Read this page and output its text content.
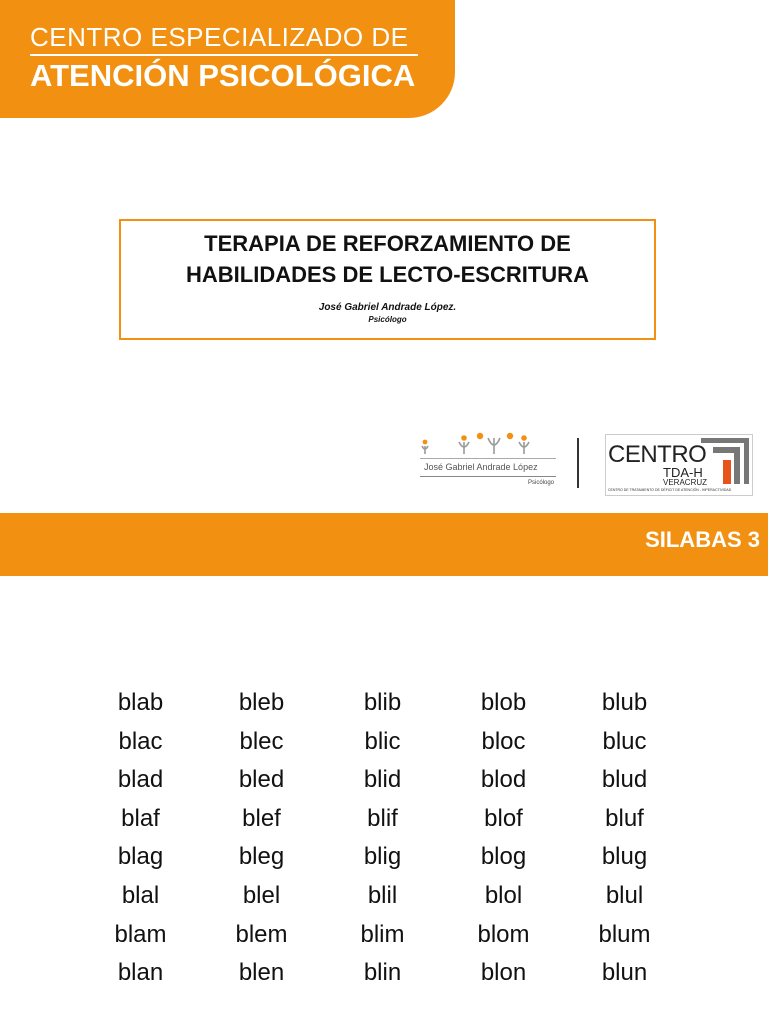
CENTRO ESPECIALIZADO DE
ATENCIÓN PSICOLÓGICA
TERAPIA DE REFORZAMIENTO DE
HABILIDADES DE LECTO-ESCRITURA
José Gabriel Andrade López.
Psicólogo
José Gabriel Andrade López
Psicólogo
CENTRO
TDA-H
VERACRUZ
CENTRO DE TRATAMIENTO DE DÉFICIT DE ATENCIÓN - HIPERACTIVIDAD
SILABAS 3
blab	bleb	blib	blob	blub
blac	blec	blic	bloc	bluc
blad	bled	blid	blod	blud
blaf	blef	blif	blof	bluf
blag	bleg	blig	blog	blug
blal	blel	blil	blol	blul
blam	blem	blim	blom	blum
blan	blen	blin	blon	blun
